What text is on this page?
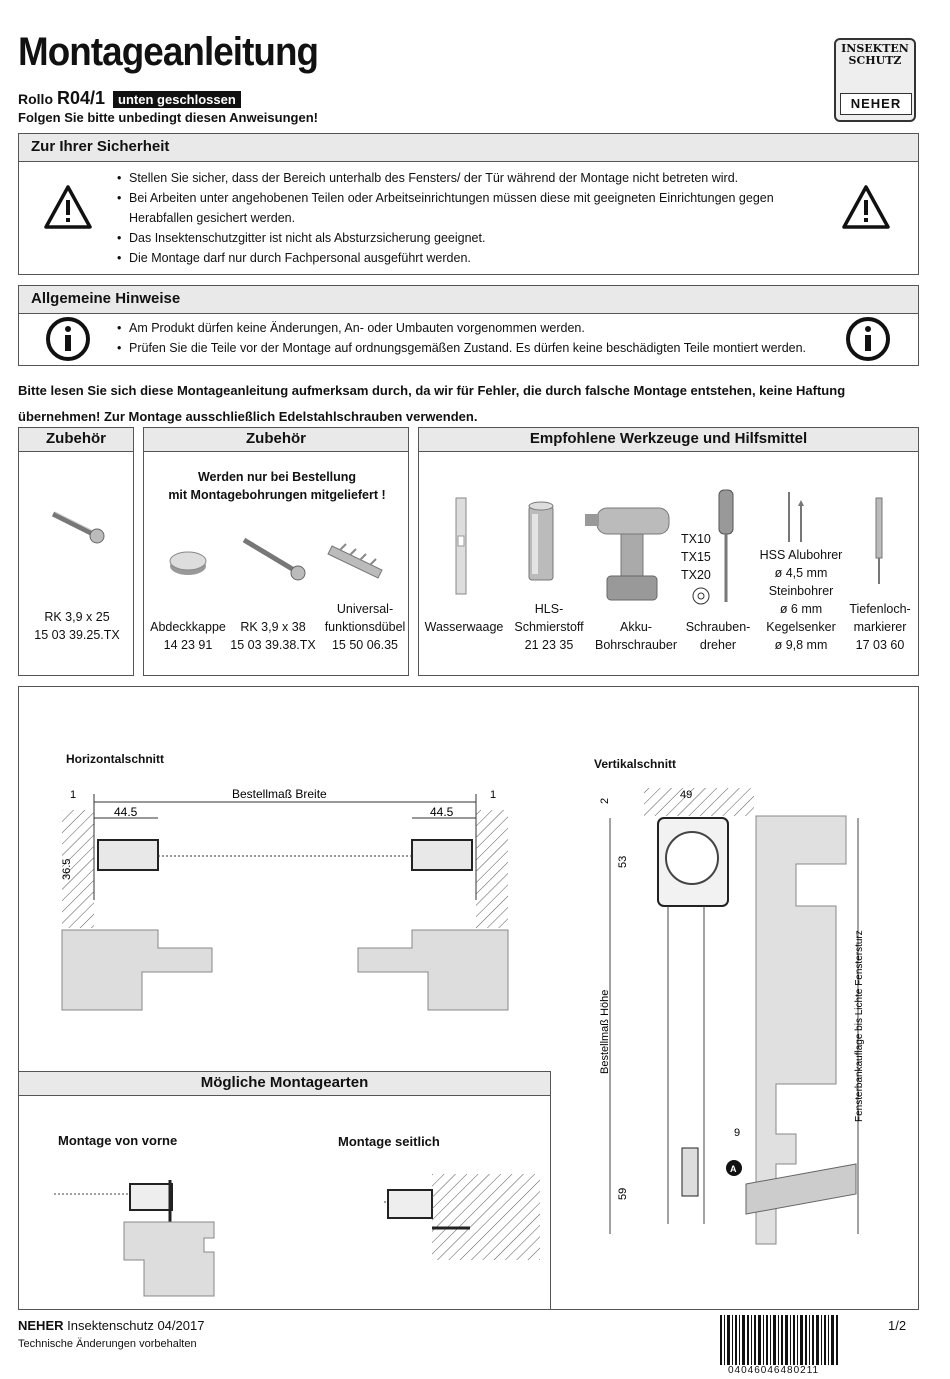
Montageanleitung
Rollo R04/1	unten geschlossen
Folgen Sie bitte unbedingt diesen Anweisungen!
INSEKTEN
SCHUTZ
NEHER
Zur Ihrer Sicherheit
• Stellen Sie sicher, dass der Bereich unterhalb des Fensters/ der Tür während der Montage nicht betreten wird.
• Bei Arbeiten unter angehobenen Teilen oder Arbeitseinrichtungen müssen diese mit geeigneten Einrichtungen gegen Herabfallen gesichert werden.
• Das Insektenschutzgitter ist nicht als Absturzsicherung geeignet.
• Die Montage darf nur durch Fachpersonal ausgeführt werden.
Allgemeine Hinweise
• Am Produkt dürfen keine Änderungen, An- oder Umbauten vorgenommen werden.
• Prüfen Sie die Teile vor der Montage auf ordnungsgemäßen Zustand. Es dürfen keine beschädigten Teile montiert werden.
Bitte lesen Sie sich diese Montageanleitung aufmerksam durch, da wir für Fehler, die durch falsche Montage entstehen, keine Haftung übernehmen! Zur Montage ausschließlich Edelstahlschrauben verwenden.
Zubehör
RK 3,9 x 25
15 03 39.25.TX
Zubehör
Werden nur bei Bestellung
mit Montagebohrungen mitgeliefert !
Abdeckkappe
14 23 91
RK 3,9 x 38
15 03 39.38.TX
Universal-
funktionsdübel
15 50 06.35
Empfohlene Werkzeuge und Hilfsmittel
TX10
TX15
TX20
HSS Alubohrer
ø 4,5 mm
Steinbohrer
ø 6 mm
Kegelsenker
ø 9,8 mm
Wasserwaage
HLS-
Schmierstoff
21 23 35
Akku-
Bohrschrauber
Schrauben-
dreher
Tiefenloch-
markierer
17 03 60
Horizontalschnitt	Vertikalschnitt
1	Bestellmaß Breite	1
44.5	44.5
36.5
2	49
53
Bestellmaß Höhe	Fensterbankauflage bis Lichte Fenstersturz
9
59
A
Mögliche Montagearten
Montage von vorne	Montage seitlich
NEHER Insektenschutz 04/2017
Technische Änderungen vorbehalten
1/2
04046046480211
